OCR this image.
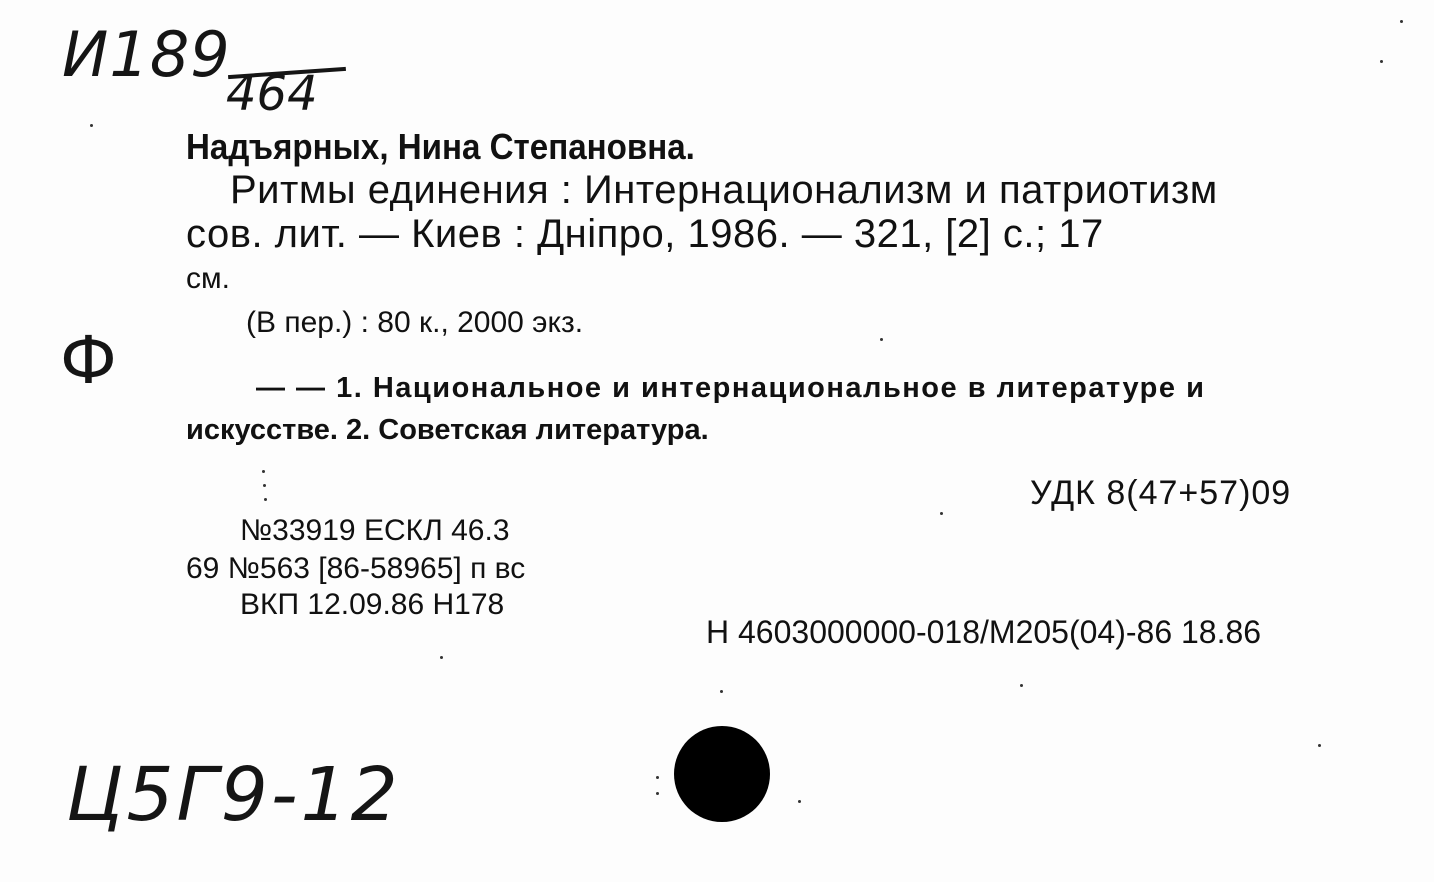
И189
464
Надъярных, Нина Степановна.
Ритмы единения : Интернационализм и патриотизм
сов. лит. — Киев : Дніпро, 1986. — 321, [2] с.; 17
см.
(В пер.) : 80 к., 2000 экз.
Ф	— — 1. Национальное и интернациональное в литературе и
искусстве. 2. Советская литература.
УДК 8(47+57)09
№33919 ЕСКЛ 46.3
69 №563 [86-58965] п вс
ВКП 12.09.86 Н178
Н 4603000000-018/М205(04)-86 18.86
Ц5Г9-12
